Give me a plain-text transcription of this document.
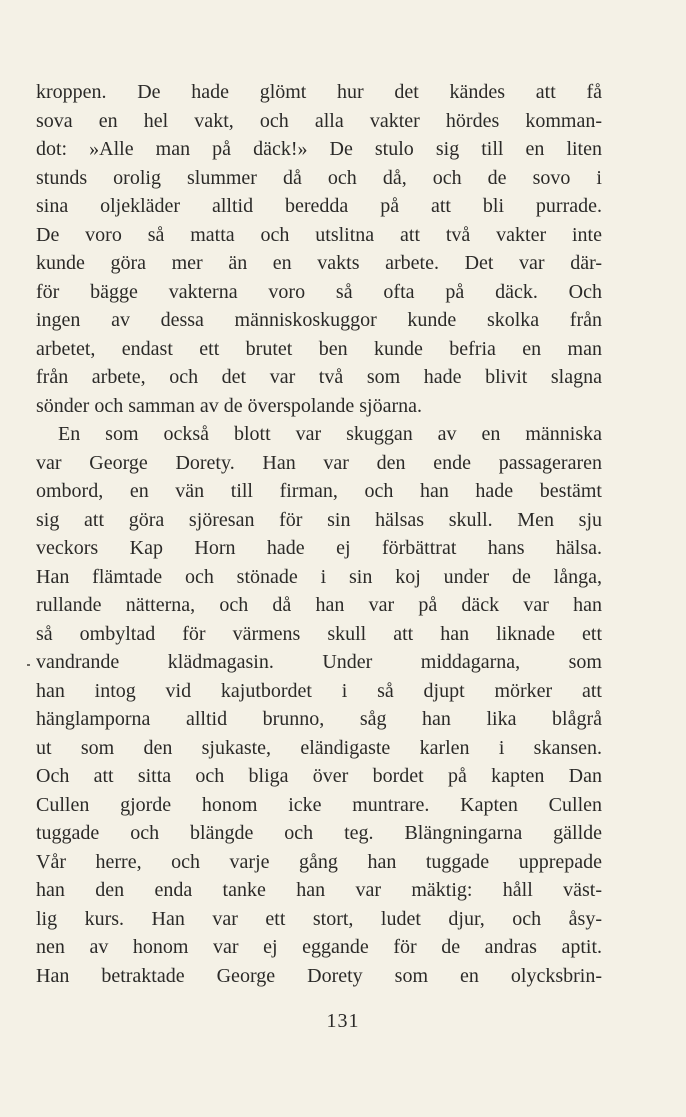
kroppen. De hade glömt hur det kändes att få
sova en hel vakt, och alla vakter hördes komman-
dot: »Alle man på däck!» De stulo sig till en liten
stunds orolig slummer då och då, och de sovo i
sina oljekläder alltid beredda på att bli purrade.
De voro så matta och utslitna att två vakter inte
kunde göra mer än en vakts arbete. Det var där-
för bägge vakterna voro så ofta på däck. Och
ingen av dessa människoskuggor kunde skolka från
arbetet, endast ett brutet ben kunde befria en man
från arbete, och det var två som hade blivit slagna
sönder och samman av de överspolande sjöarna.
En som också blott var skuggan av en människa
var George Dorety. Han var den ende passageraren
ombord, en vän till firman, och han hade bestämt
sig att göra sjöresan för sin hälsas skull. Men sju
veckors Kap Horn hade ej förbättrat hans hälsa.
Han flämtade och stönade i sin koj under de långa,
rullande nätterna, och då han var på däck var han
så ombyltad för värmens skull att han liknade ett
vandrande klädmagasin. Under middagarna, som
han intog vid kajutbordet i så djupt mörker att
hänglamporna alltid brunno, såg han lika blågrå
ut som den sjukaste, eländigaste karlen i skansen.
Och att sitta och bliga över bordet på kapten Dan
Cullen gjorde honom icke muntrare. Kapten Cullen
tuggade och blängde och teg. Blängningarna gällde
Vår herre, och varje gång han tuggade upprepade
han den enda tanke han var mäktig: håll väst-
lig kurs. Han var ett stort, ludet djur, och åsy-
nen av honom var ej eggande för de andras aptit.
Han betraktade George Dorety som en olycksbrin-
131
